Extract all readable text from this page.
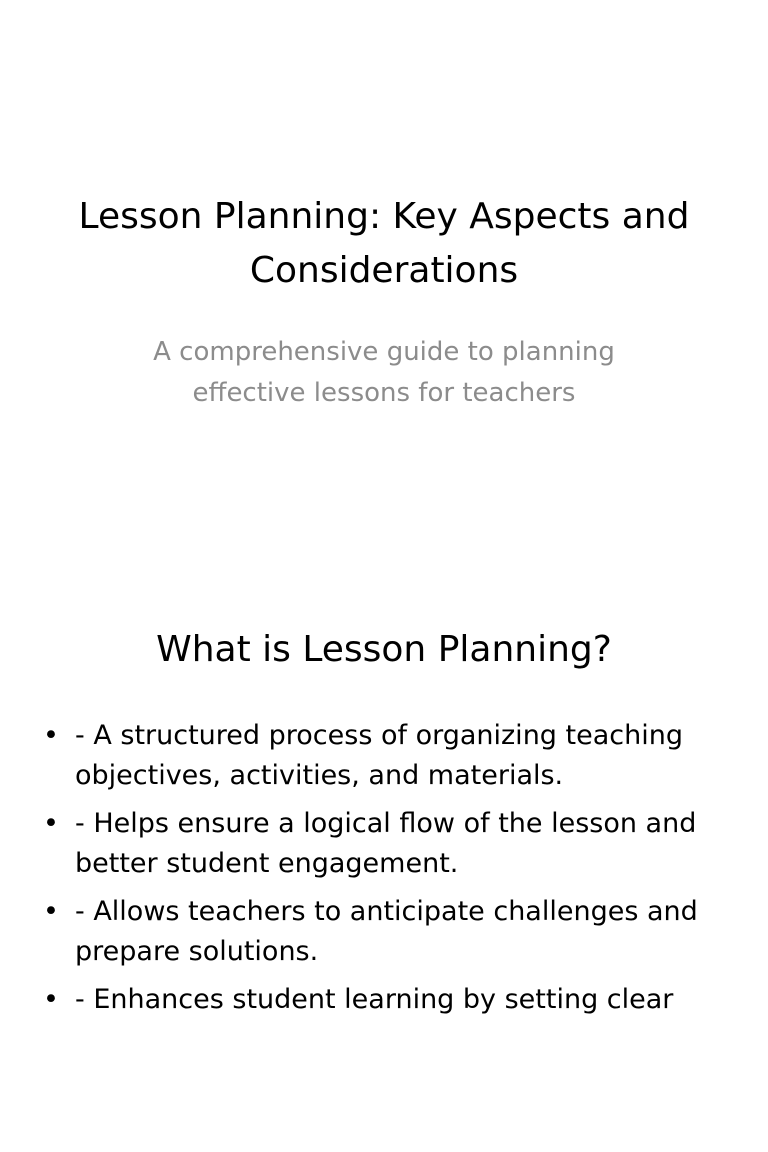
Lesson Planning: Key Aspects and Considerations

A comprehensive guide to planning effective lessons for teachers

What is Lesson Planning?
• - A structured process of organizing teaching objectives, activities, and materials.
• - Helps ensure a logical flow of the lesson and better student engagement.
• - Allows teachers to anticipate challenges and prepare solutions.
• - Enhances student learning by setting clear
